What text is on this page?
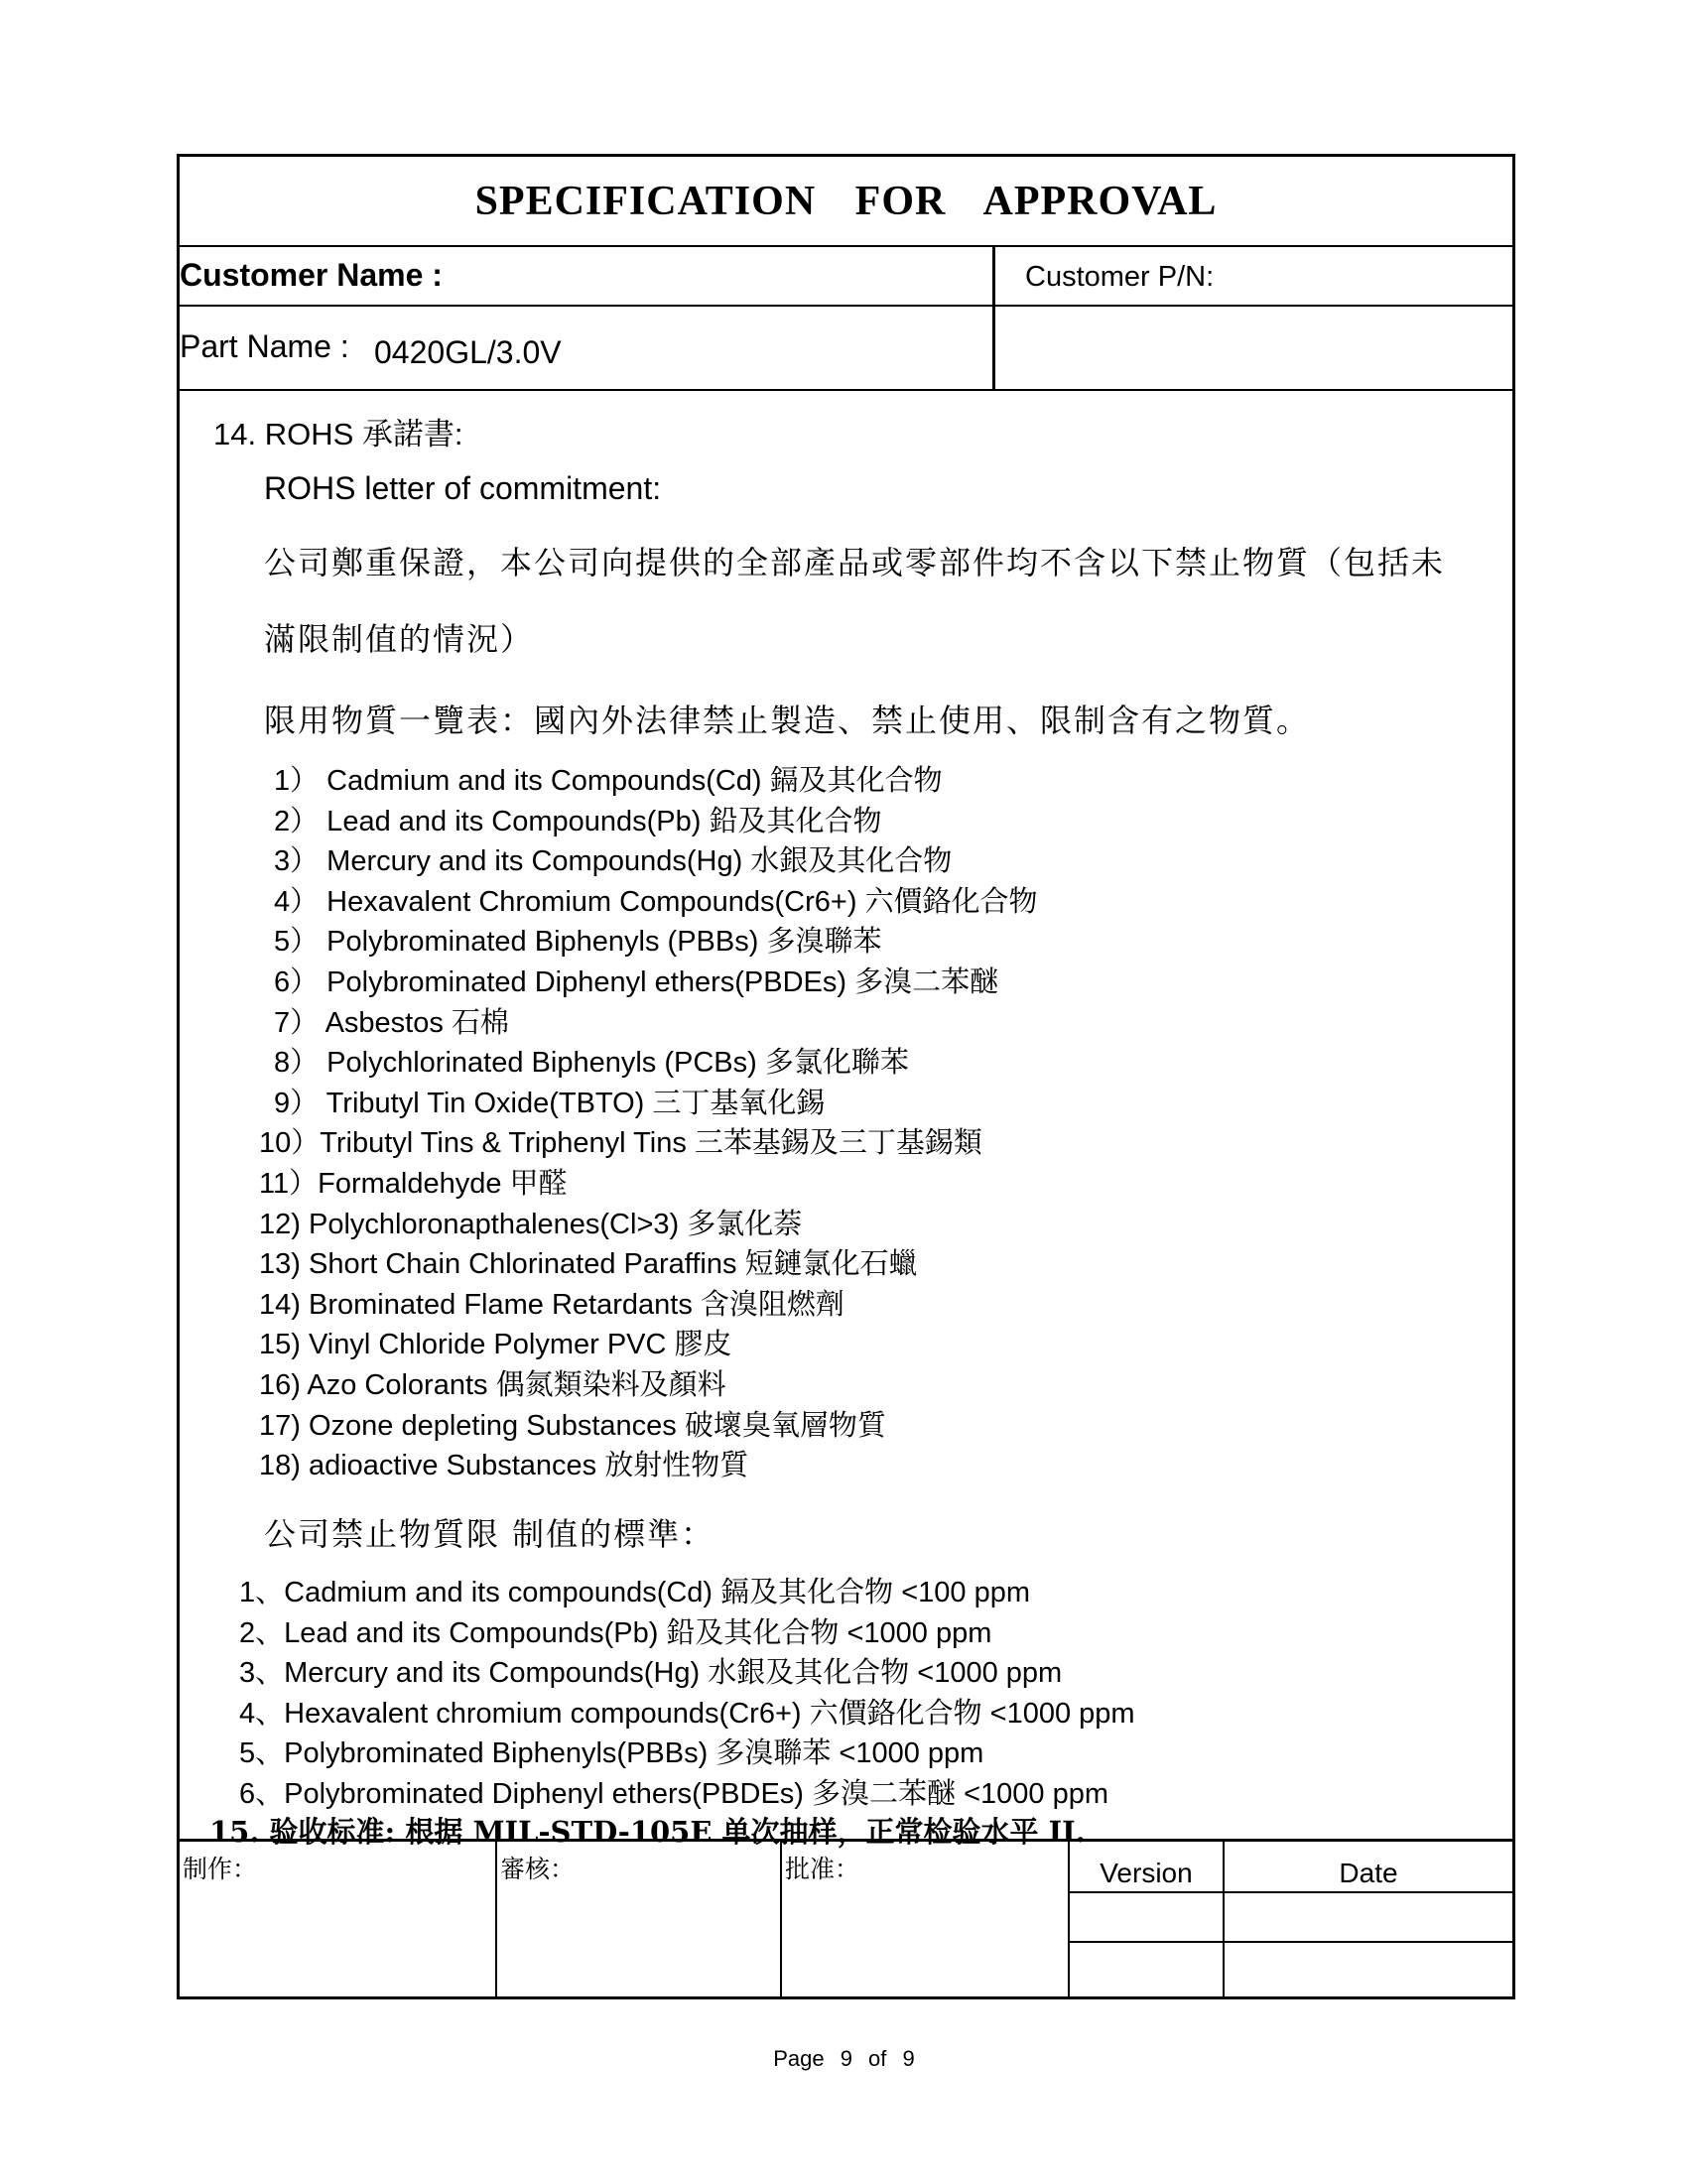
SPECIFICATION FOR APPROVAL
Customer Name :	Customer P/N:
Part Name : 0420GL/3.0V
14. ROHS 承諾書:
ROHS letter of commitment:
公司鄭重保證，本公司向提供的全部產品或零部件均不含以下禁止物質（包括未
滿限制值的情況）
限用物質一覽表：國內外法律禁止製造、禁止使用、限制含有之物質。
1） Cadmium and its Compounds(Cd) 鎘及其化合物
2） Lead and its Compounds(Pb) 鉛及其化合物
3） Mercury and its Compounds(Hg) 水銀及其化合物
4） Hexavalent Chromium Compounds(Cr6+) 六價鉻化合物
5） Polybrominated Biphenyls (PBBs) 多溴聯苯
6） Polybrominated Diphenyl ethers(PBDEs) 多溴二苯醚
7） Asbestos 石棉
8） Polychlorinated Biphenyls (PCBs) 多氯化聯苯
9） Tributyl Tin Oxide(TBTO) 三丁基氧化錫
10）Tributyl Tins & Triphenyl Tins 三苯基錫及三丁基錫類
11）Formaldehyde 甲醛
12) Polychloronapthalenes(Cl>3) 多氯化萘
13) Short Chain Chlorinated Paraffins 短鏈氯化石蠟
14) Brominated Flame Retardants 含溴阻燃劑
15) Vinyl Chloride Polymer PVC 膠皮
16) Azo Colorants 偶氮類染料及顏料
17) Ozone depleting Substances 破壞臭氧層物質
18) adioactive Substances 放射性物質
公司禁止物質限 制值的標準：
1、Cadmium and its compounds(Cd) 鎘及其化合物 <100 ppm
2、Lead and its Compounds(Pb) 鉛及其化合物 <1000 ppm
3、Mercury and its Compounds(Hg) 水銀及其化合物 <1000 ppm
4、Hexavalent chromium compounds(Cr6+) 六價鉻化合物 <1000 ppm
5、Polybrominated Biphenyls(PBBs) 多溴聯苯 <1000 ppm
6、Polybrominated Diphenyl ethers(PBDEs) 多溴二苯醚 <1000 ppm
15. 验收标准: 根据 MIL-STD-105E 单次抽样，正常检验水平 II.
制作：	審核：	批准：	Version	Date
Page 9 of 9
